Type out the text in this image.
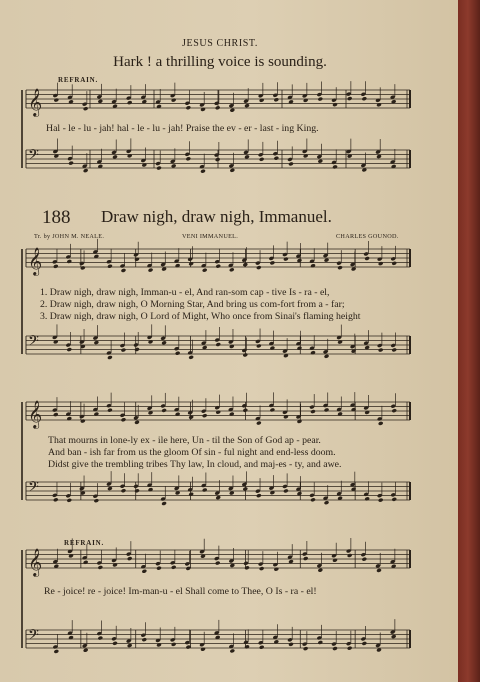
JESUS CHRIST.
Hark ! a thrilling voice is sounding.
REFRAIN.
Hal - le - lu - jah! hal - le - lu - jah! Praise the ev - er - last - ing King.
188 Draw nigh, draw nigh, Immanuel.
Tr. by JOHN M. NEALE.	VENI IMMANUEL.	CHARLES GOUNOD.
1. Draw nigh, draw nigh, Imman-u - el, And ran-som cap - tive Is - ra - el,
2. Draw nigh, draw nigh, O Morning Star, And bring us com-fort from a - far;
3. Draw nigh, draw nigh, O Lord of Might, Who once from Sinai's flaming height
That mourns in lone-ly ex - ile here, Un - til the Son of God ap - pear.
And ban - ish far from us the gloom Of sin - ful night and end-less doom.
Didst give the trembling tribes Thy law, In cloud, and maj-es - ty, and awe.
REFRAIN.
Re - joice! re - joice! Im-man-u - el Shall come to Thee, O Is - ra - el!
𝄞
𝄢
𝄞
𝄢
𝄞
𝄢
𝄞
𝄢
